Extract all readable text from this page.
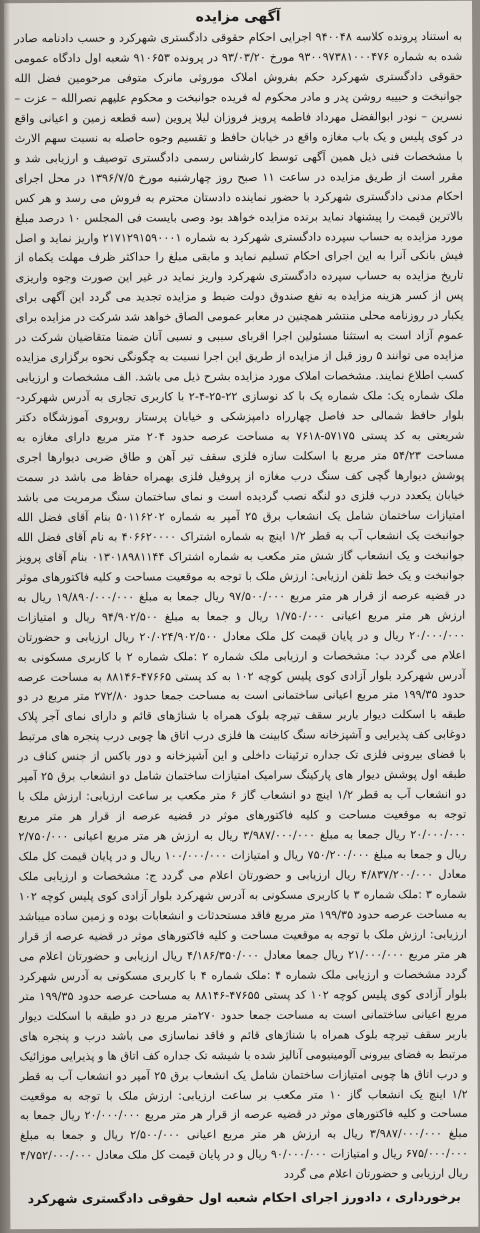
آگهی مزایده

به استناد پرونده کلاسه ۹۴۰۰۴۸ اجرایی احکام حقوقی دادگستری شهرکرد و حسب دادنامه صادر شده به شماره ۹۳۰۰۹۷۳۸۱۰۰۰۴۷۶ مورخ ۹۳/۰۳/۲۰ در پرونده ۹۱۰۶۵۳ شعبه اول دادگاه عمومی حقوقی دادگستری شهرکرد حکم بفروش املاک موروثی مانرک متوفی مرحومین فضل الله جوانبخت و حبیبه روشن پدر و مادر محکوم له فریده جوانبخت و محکوم علیهم نصرالله – عزت – نسرین – نودر ابوالفضل مهرداد فاطمه پرویز فروزان لیلا پروین (سه قطعه زمین و اعیانی واقع در کوی پلیس و یک باب مغازه واقع در خیابان حافظ و تقسیم وجوه حاصله به نسبت سهم الارث با مشخصات فنی ذیل همین آگهی توسط کارشناس رسمی دادگستری توصیف و ارزیابی شد و مقرر است از طریق مزایده در ساعت ۱۱ صبح روز چهارشنبه مورخ ۱۳۹۶/۷/۵ در محل اجرای احکام مدنی دادگستری شهرکرد با حضور نماینده دادستان محترم به فروش می رسد و هر کس بالاترین قیمت را پیشنهاد نماید برنده مزایده خواهد بود وصی بایست فی المجلس ۱۰ درصد مبلغ مورد مزایده به حساب سپرده دادگستری شهرکرد به شماره ۲۱۷۱۲۹۱۵۹۰۰۰۱ واریز نماید و اصل فیش بانکی آنرا به این اجرای احکام تسلیم نماید و مابقی مبلغ را حداکثر ظرف مهلت یکماه از تاریخ مزایده به حساب سپرده دادگستری شهرکرد واریز نماید در غیر این صورت وجوه واریزی پس از کسر هزینه مزایده به نفع صندوق دولت ضبط و مزایده تجدید می گردد این آگهی برای یکبار در روزنامه محلی منتشر همچنین در معابر عمومی الصاق خواهد شد شرکت در مزایده برای عموم آزاد است به استثنا مسئولین اجرا اقربای سببی و نسبی آنان ضمنا متقاضیان شرکت در مزایده می توانند ۵ روز قبل از مزایده از طریق این اجرا نسبت به چگونگی نحوه برگزاری مزایده کسب اطلاع نمایند. مشخصات املاک مورد مزایده بشرح ذیل می باشد. الف مشخصات و ارزیابی ملک شماره یک: ملک شماره یک با کد نوسازی ۲۲-۲۵-۴-۲ با کاربری تجاری به آدرس شهرکرد-بلوار حافظ شمالی حد فاصل چهارراه دامپزشکی و خیابان پرستار روبروی آموزشگاه دکتر شریعتی به کد پستی ۵۷۱۷۵-۷۶۱۸ به مساحت عرصه حدود ۲۰۴ متر مربع دارای مغازه به مساحت ۵۴/۲۳ متر مربع با اسکلت سازه فلزی سقف تیر آهن و طاق ضربی دیوارها اجری پوشش دیوارها گچی کف سنگ درب مغازه از پروفیل فلزی بهمراه حفاظ می باشد در سمت خیابان یکعدد درب فلزی دو لنگه نصب گردیده است و نمای ساختمان سنگ مرمریت می باشد امتیازات ساختمان شامل یک انشعاب برق ۲۵ آمپر به شماره ۵۰۱۱۶۲۰۲ بنام آقای فضل الله جوانبخت یک انشعاب آب به قطر ۱/۲ اینچ به شماره اشتراک ۴۰۶۶۲۰۰۰۰ به نام آقای فضل الله جوانبخت و یک انشعاب گاز شش متر مکعب به شماره اشتراک ۰۱۳۰۱۸۹۸۱۱۴۴ بنام آقای پرویز جوانبخت و یک خط تلفن ارزیابی: ارزش ملک با توجه به موقعیت مساحت و کلیه فاکتورهای موثر در قضیه عرصه از قرار هر متر مربع ۹۷/۵۰۰/۰۰۰ ریال جمعا به مبلغ ۱۹/۸۹۰/۰۰۰/۰۰۰ ریال به ارزش هر متر مربع اعیانی ۱/۷۵۰/۰۰۰ ریال و جمعا به مبلغ ۹۴/۹۰۲/۵۰۰ ریال و امتیازات ۲۰/۰۰۰/۰۰۰ ریال و در پایان قیمت کل ملک معادل ۲۰/۰۲۴/۹۰۲/۵۰۰ ریال ارزیابی و حضورتان اعلام می گردد ب: مشخصات و ارزیابی ملک شماره ۲ :ملک شماره ۲ با کاربری مسکونی به آدرس شهرکرد بلوار آزادی کوی پلیس کوچه ۱۰۲ به کد پستی ۴۷۶۶۵-۸۸۱۴۶ به مساحت عرصه حدود ۱۹۹/۳۵ متر مربع اعیانی ساختمانی است به مساحت جمعا حدود ۲۷۲/۸۰ متر مربع در دو طبقه با اسکلت دیوار باربر سقف تیرچه بلوک همراه با شناژهای قائم و دارای نمای آجر پلاک دوغابی کف پذیرایی و آشپزخانه سنگ کابینت ها فلزی درب اتاق ها چوبی درب پنجره های مرتبط با فضای بیرونی فلزی تک جداره ترئینات داخلی و این آشپزخانه و دور باکس از جنس کناف در طبقه اول پوشش دیوار های پارکینگ سرامیک امتیازات ساختمان شامل دو انشعاب برق ۲۵ آمپر دو انشعاب آب به قطر ۱/۲ اینچ دو انشعاب گاز ۶ متر مکعب بر ساعت ارزیابی: ارزش ملک با توجه به موقعیت مساحت و کلیه فاکتورهای موثر در قضیه عرصه از قرار هر متر مربع ۲۰/۰۰۰/۰۰۰ ریال جمعا به مبلغ ۳/۹۸۷/۰۰۰/۰۰۰ ریال به ارزش هر متر مربع اعیانی ۲/۷۵۰/۰۰۰ ریال و جمعا به مبلغ ۷۵۰/۲۰۰/۰۰۰ ریال و امتیازات ۱۰۰/۰۰۰/۰۰۰ ریال و در پایان قیمت کل ملک معادل ۴/۸۳۷/۲۰۰/۰۰۰ ریال ارزیابی و حضورتان اعلام می گردد ج: مشخصات و ارزیابی ملک شماره ۳ :ملک شماره ۳ با کاربری مسکونی به آدرس شهرکرد بلوار آزادی کوی پلیس کوچه ۱۰۲ به مساحت عرصه حدود ۱۹۹/۳۵ متر مربع فاقد مستحدثات و انشعابات بوده و زمین ساده میباشد ارزیابی: ارزش ملک با توجه به موقعیت مساحت و کلیه فاکتورهای موثر در قضیه عرصه از قرار هر متر مربع ۲۱/۰۰۰/۰۰۰ ریال جمعا معادل ۴/۱۸۶/۳۵۰/۰۰۰ ریال ارزیابی و حضورتان اعلام می گردد مشخصات و ارزیابی ملک شماره ۴ :ملک شماره ۴ با کاربری مسکونی به آدرس شهرکرد بلوار آزادی کوی پلیس کوچه ۱۰۲ کد پستی ۴۷۶۵۵-۸۸۱۴۶ به مساحت عرصه حدود ۱۹۹/۳۵ متر مربع اعیانی ساختمانی است به مساحت جمعا حدود ۲۷۰متر مربع در دو طبقه با اسکلت دیوار باربر سقف تیرچه بلوک همراه با شناژهای قائم و فاقد نماسازی می باشد درب و پنجره های مرتبط به فضای بیرونی آلومینیومی آنالیز شده با شیشه تک جداره کف اتاق ها و پذیرایی موزائیک و درب اتاق ها چوبی امتیازات ساختمان شامل یک انشعاب برق ۲۵ آمپر دو انشعاب آب به قطر ۱/۲ اینچ یک انشعاب گاز ۱۰ متر مکعب بر ساعت ارزیابی: ارزش ملک با توجه به موقعیت مساحت و کلیه فاکتورهای موثر در قضیه عرصه از قرار هر متر مربع ۲۰/۰۰۰/۰۰۰ ریال جمعا به مبلغ ۳/۹۸۷/۰۰۰/۰۰۰ ریال به ارزش هر متر مربع اعیانی ۲/۵۰۰/۰۰۰ ریال و جمعا به مبلغ ۶۷۵/۰۰۰/۰۰۰ ریال و امتیازات ۹۰/۰۰۰/۰۰۰ ریال و در پایان قیمت کل ملک معادل ۴/۷۵۲/۰۰۰/۰۰۰ ریال ارزیابی و حضورتان اعلام می گردد

برخورداری ، دادورز اجرای احکام شعبه اول حقوقی دادگستری شهرکرد
